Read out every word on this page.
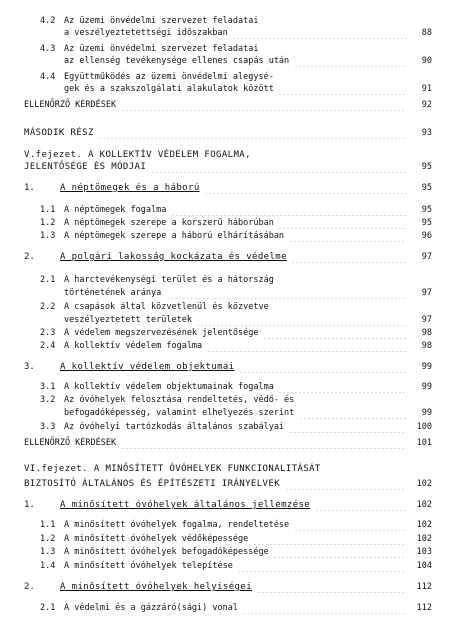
4.2 Az üzemi önvédelmi szervezet feladatai
a veszélyeztetettségi időszakban	88
4.3 Az üzemi önvédelmi szervezet feladatai
az ellenség tevékenysége ellenes csapás után	90
4.4 Együttműködés az üzemi önvédelmi alegysé-
gek és a szakszolgálati alakulatok között	91
ELLENŐRZŐ KÉRDÉSEK	92
MÁSODIK RÉSZ	93
V.fejezet. A KOLLEKTÍV VÉDELEM FOGALMA,
JELENTŐSÉGE ÉS MÓDJAI	95
1.	A néptömegek és a háború	95
1.1 A néptömegek fogalma	95
1.2 A néptömegek szerepe a korszerű háborúban	95
1.3 A néptömegek szerepe a háború elhárításában	96
2.	A polgári lakosság kockázata és védelme	97
2.1 A harctevékenységi terület és a hátország
történetének aránya	97
2.2 A csapások által közvetlenül és közvetve
veszélyeztetett területek	97
2.3 A védelem megszervezésének jelentősége	98
2.4 A kollektív védelem fogalma	98
3.	A kollektív védelem objektumai	99
3.1 A kollektív védelem objektumainak fogalma	99
3.2 Az óvóhelyek felosztása rendeltetés, védő- és
befogadóképesség, valamint elhelyezés szerint	99
3.3 Az óvóhelyi tartózkodás általános szabályai	100
ELLENŐRZŐ KÉRDÉSEK	101
VI.fejezet. A MINŐSÍTETT ÓVÓHELYEK FUNKCIONALITÁSÁT
BIZTOSÍTÓ ÁLTALÁNOS ÉS ÉPÍTÉSZETI IRÁNYELVEK	102
1.	A minősített óvóhelyek általános jellemzése	102
1.1 A minősített óvóhelyek fogalma, rendeltetése	102
1.2 A minősített óvóhelyek védőképessége	102
1.3 A minősített óvóhelyek befogadóképessége	103
1.4 A minősített óvóhelyek telepítése	104
2.	A minősített óvóhelyek helyiségei	112
2.1 A védelmi és a gázzáró(sági) vonal	112
